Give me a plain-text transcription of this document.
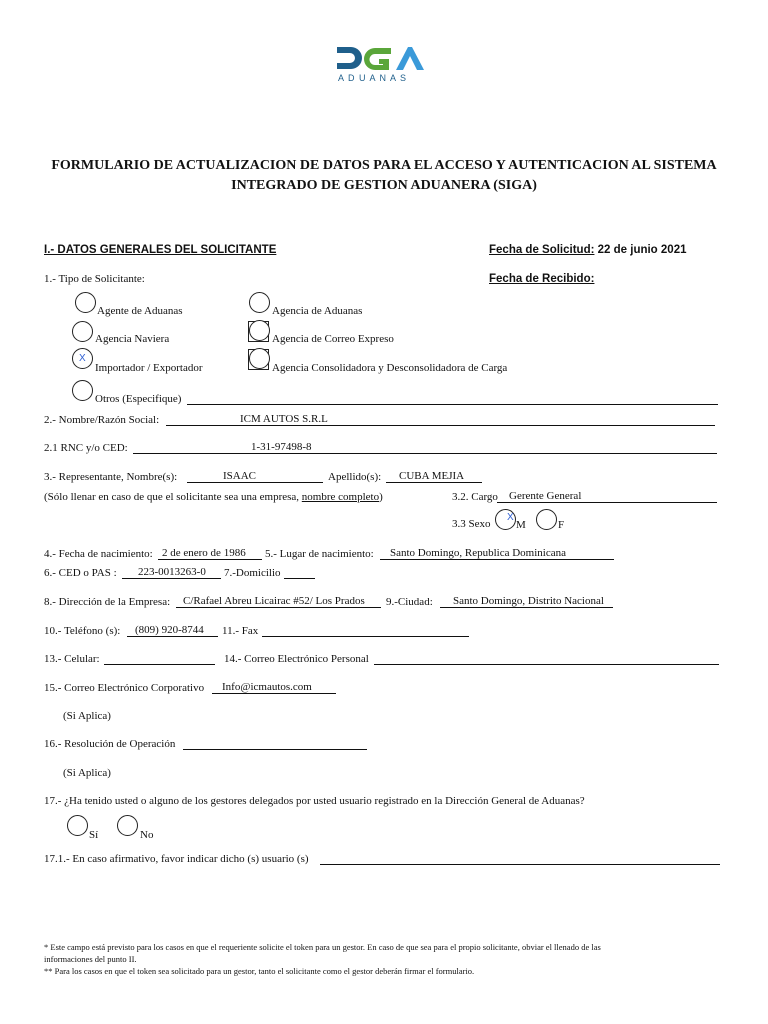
A D U A N A S
FORMULARIO DE ACTUALIZACION DE DATOS PARA EL ACCESO Y AUTENTICACION AL SISTEMA
INTEGRADO DE GESTION ADUANERA (SIGA)
I.- DATOS GENERALES DEL SOLICITANTE	Fecha de Solicitud: 22 de junio 2021
Fecha de Recibido:
1.- Tipo de Solicitante:
Agente de Aduanas	Agencia de Aduanas
Agencia Naviera	Agencia de Correo Expreso
X
Importador / Exportador	Agencia Consolidadora y Desconsolidadora de Carga
Otros (Especifique)
2.- Nombre/Razón Social:	ICM AUTOS S.R.L
2.1 RNC y/o CED:	1-31-97498-8
3.- Representante, Nombre(s):	ISAAC	Apellido(s): CUBA MEJIA
(Sólo llenar en caso de que el solicitante sea una empresa, nombre completo)	3.2. Cargo Gerente General
3.3 Sexo
X
M	F
4.- Fecha de nacimiento: 2 de enero de 1986 5.- Lugar de nacimiento: Santo Domingo, Republica Dominicana
6.- CED o PAS : 223-0013263-0 7.-Domicilio
8.- Dirección de la Empresa: C/Rafael Abreu Licairac #52/ Los Prados 9.-Ciudad: Santo Domingo, Distrito Nacional
10.- Teléfono (s): (809) 920-8744 11.- Fax
13.- Celular:	14.- Correo Electrónico Personal
15.- Correo Electrónico Corporativo Info@icmautos.com
(Si Aplica)
16.- Resolución de Operación
(Si Aplica)
17.- ¿Ha tenido usted o alguno de los gestores delegados por usted usuario registrado en la Dirección General de Aduanas?
Sí	No
17.1.- En caso afirmativo, favor indicar dicho (s) usuario (s)
* Este campo está previsto para los casos en que el requeriente solicite el token para un gestor. En caso de que sea para el propio solicitante, obviar el llenado de las
informaciones del punto II.
** Para los casos en que el token sea solicitado para un gestor, tanto el solicitante como el gestor deberán firmar el formulario.
